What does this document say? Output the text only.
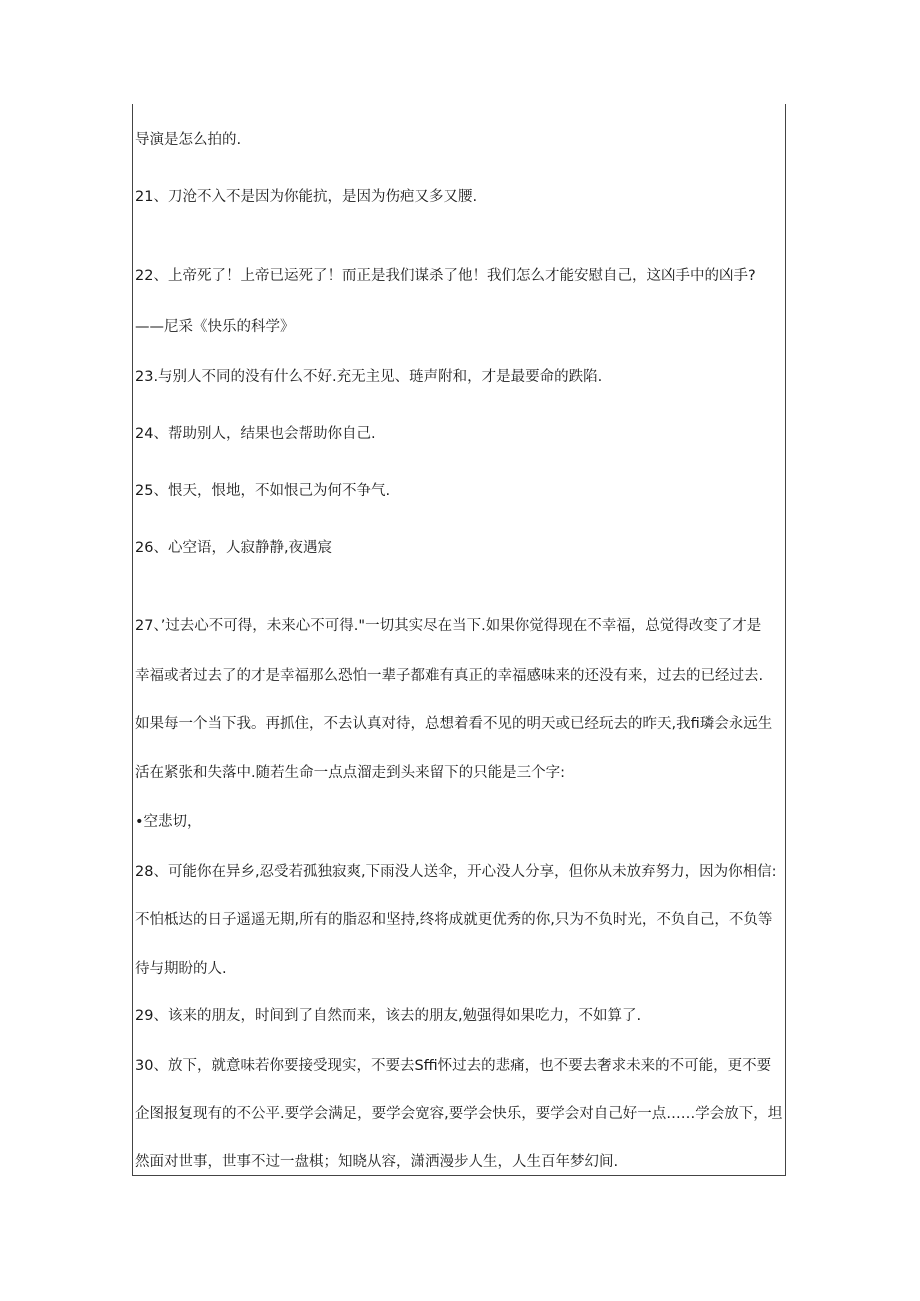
导演是怎么拍的.
21、刀沧不入不是因为你能抗，是因为伤疤又多又腰.
22、上帝死了！上帝已运死了！而正是我们谋杀了他！我们怎么才能安慰自己，这凶手中的凶手?
——尼采《快乐的科学》
23.与别人不同的没有什么不好.充无主见、琏声附和，才是最要命的跌陷.
24、帮助别人，结果也会帮助你自己.
25、恨天，恨地，不如恨己为何不争气.
26、心空语，人寂静静,夜遇宸
27、’过去心不可得，未来心不可得."一切其实尽在当下.如果你觉得现在不幸福，总觉得改变了才是
幸福或者过去了的才是幸福那么恐怕一辈子都难有真正的幸福感味来的还没有来，过去的已经过去.
如果每一个当下我。再抓住，不去认真对待，总想着看不见的明天或已经玩去的昨天,我fi璘会永远生
活在紧张和失落中.随若生命一点点溜走到头来留下的只能是三个字:
•空悲切，
28、可能你在异乡,忍受若孤独寂爽,下雨没人送伞，开心没人分享，但你从未放弃努力，因为你相信:
不怕柢达的日子遥遥无期,所有的脂忍和坚持,终将成就更优秀的你,只为不负时光，不负自己，不负等
待与期盼的人.
29、该来的朋友，时间到了自然而来，该去的朋友,勉强得如果吃力，不如算了.
30、放下，就意味若你要接受现实，不要去Sffi怀过去的悲痛，也不要去奢求未来的不可能，更不要
企图报复现有的不公平.要学会满足，要学会宽容,要学会快乐，要学会对自己好一点……学会放下，坦
然面对世事，世事不过一盘棋；知晓从容，潇洒漫步人生，人生百年梦幻间.
